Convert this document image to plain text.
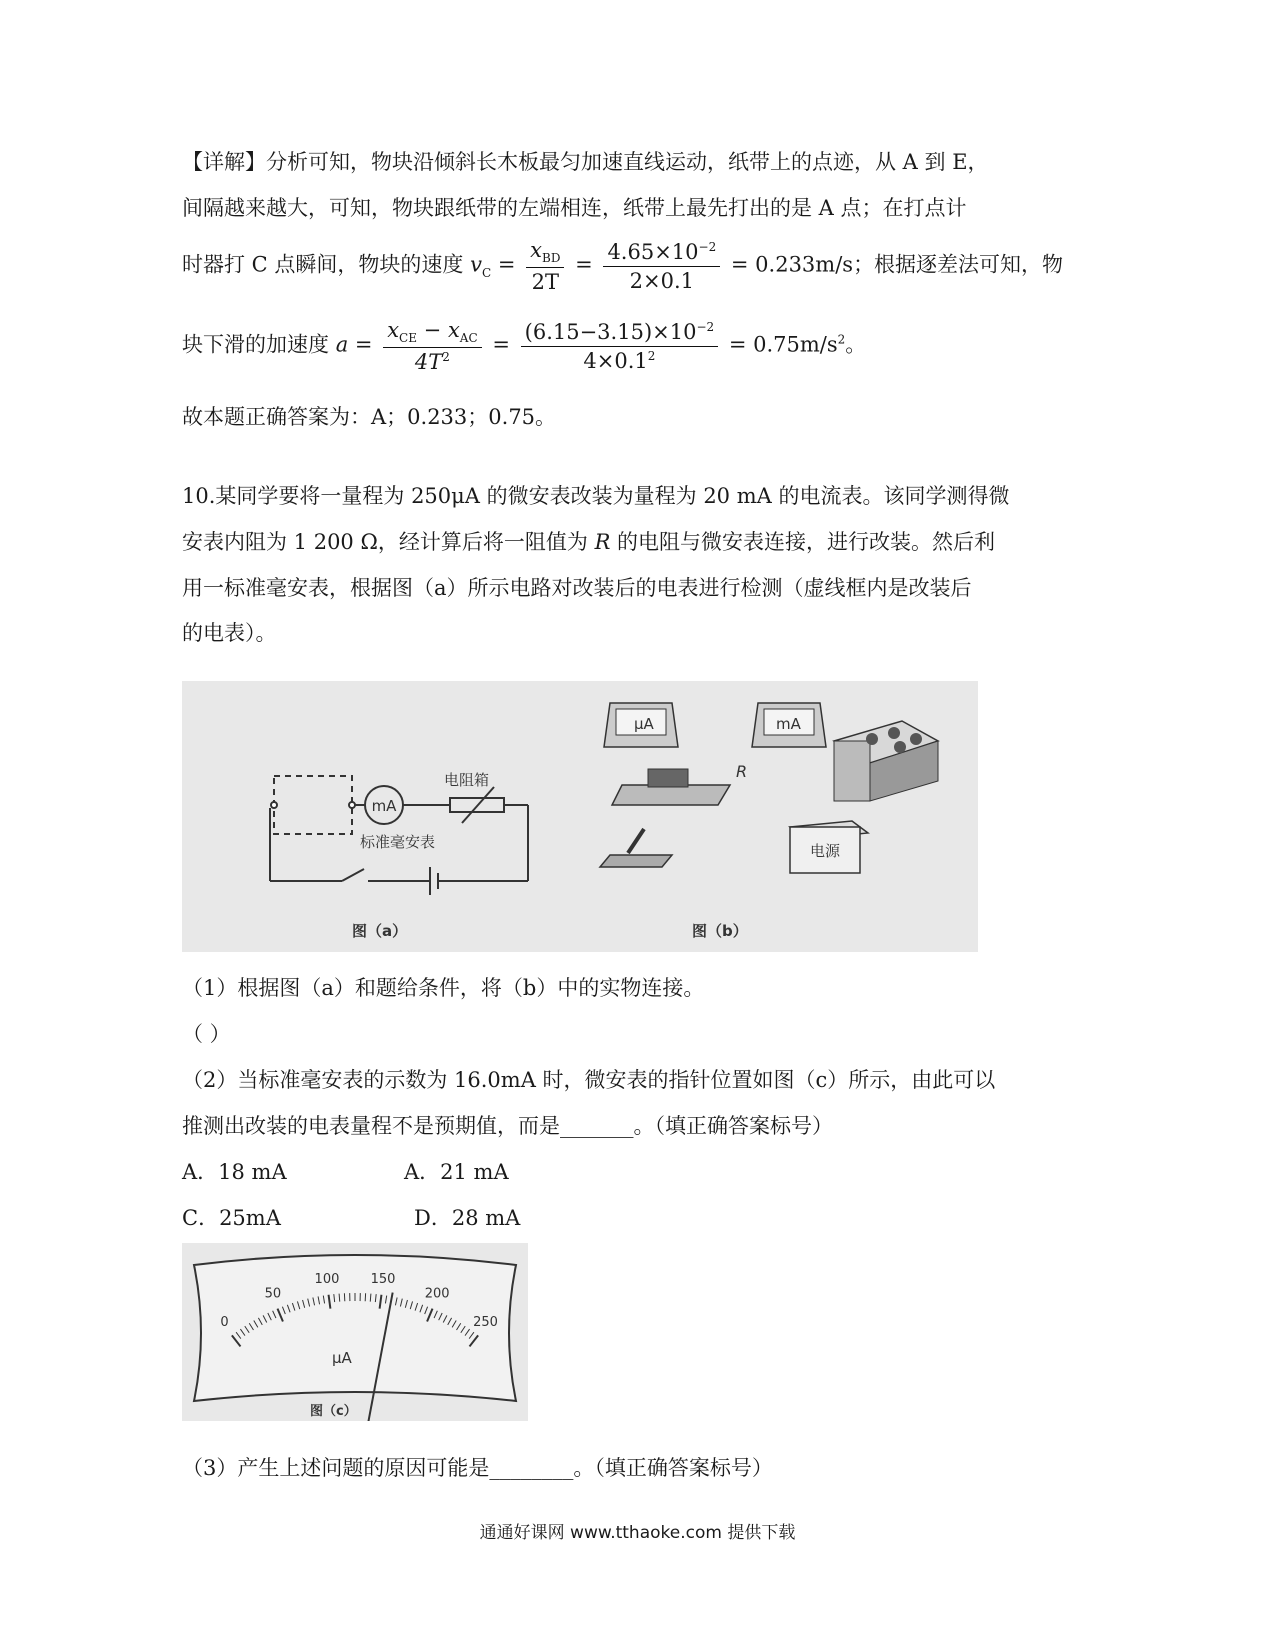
【详解】分析可知，物块沿倾斜长木板最匀加速直线运动，纸带上的点迹，从 A 到 E，
间隔越来越大，可知，物块跟纸带的左端相连，纸带上最先打出的是 A 点；在打点计
时器打 C 点瞬间，物块的速度 $v_C = \frac{x_{BD}}{2T} = \frac{4.65\times 10^{-2}}{2\times 0.1} = 0.233m/s$；根据逐差法可知，物
块下滑的加速度 $a = \frac{x_{CE} - x_{AC}}{4T^2} = \frac{(6.15-3.15)\times 10^{-2}}{4\times 0.1^2} = 0.75m/s^2$。
故本题正确答案为：A；0.233；0.75。
10.某同学要将一量程为 250μA 的微安表改装为量程为 20 mA 的电流表。该同学测得微
安表内阻为 1 200 Ω，经计算后将一阻值为 R 的电阻与微安表连接，进行改装。然后利
用一标准毫安表，根据图（a）所示电路对改装后的电表进行检测（虚线框内是改装后
的电表）。
mA
电阻箱
标准毫安表
图（a）
μA	mA
R
电源
图（b）
（1）根据图（a）和题给条件，将（b）中的实物连接。
（ ）
（2）当标准毫安表的示数为 16.0mA 时，微安表的指针位置如图（c）所示，由此可以
推测出改装的电表量程不是预期值，而是_______。（填正确答案标号）
A．18 mA	A．21 mA
C．25mA	D．28 mA
0
50
100 150
200
250
μA
图（c）
（3）产生上述问题的原因可能是________。（填正确答案标号）
通通好课网 www.tthaoke.com 提供下载
